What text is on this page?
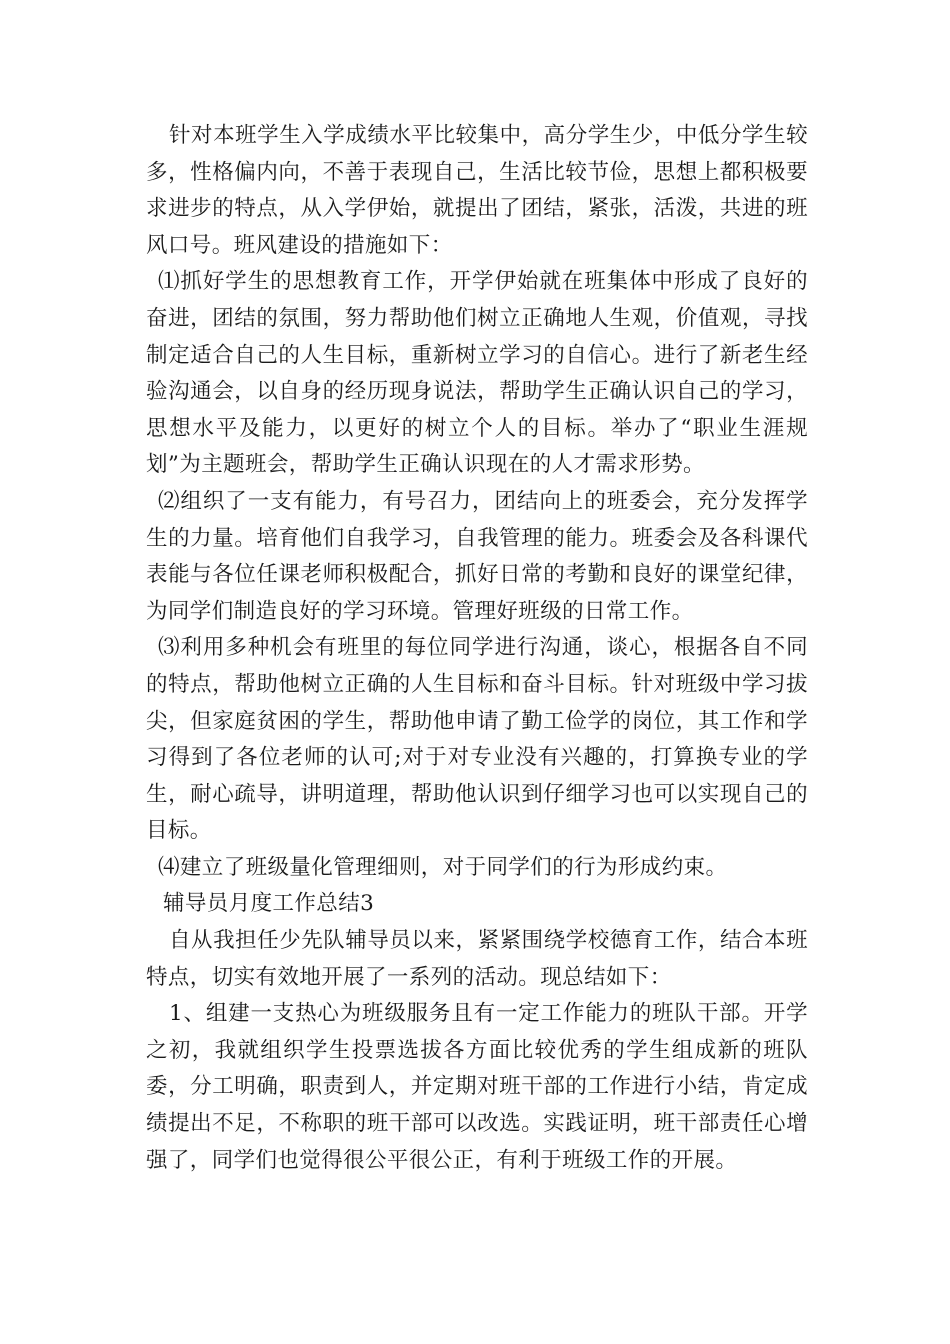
针对本班学生入学成绩水平比较集中，高分学生少，中低分学生较多，性格偏内向，不善于表现自己，生活比较节俭，思想上都积极要求进步的特点，从入学伊始，就提出了团结，紧张，活泼，共进的班风口号。班风建设的措施如下：

⑴抓好学生的思想教育工作，开学伊始就在班集体中形成了良好的奋进，团结的氛围，努力帮助他们树立正确地人生观，价值观，寻找制定适合自己的人生目标，重新树立学习的自信心。进行了新老生经验沟通会，以自身的经历现身说法，帮助学生正确认识自己的学习，思想水平及能力，以更好的树立个人的目标。举办了“职业生涯规划”为主题班会，帮助学生正确认识现在的人才需求形势。

⑵组织了一支有能力，有号召力，团结向上的班委会，充分发挥学生的力量。培育他们自我学习，自我管理的能力。班委会及各科课代表能与各位任课老师积极配合，抓好日常的考勤和良好的课堂纪律，为同学们制造良好的学习环境。管理好班级的日常工作。

⑶利用多种机会有班里的每位同学进行沟通，谈心，根据各自不同的特点，帮助他树立正确的人生目标和奋斗目标。针对班级中学习拔尖，但家庭贫困的学生，帮助他申请了勤工俭学的岗位，其工作和学习得到了各位老师的认可;对于对专业没有兴趣的，打算换专业的学生，耐心疏导，讲明道理，帮助他认识到仔细学习也可以实现自己的目标。

⑷建立了班级量化管理细则，对于同学们的行为形成约束。

辅导员月度工作总结3

自从我担任少先队辅导员以来，紧紧围绕学校德育工作，结合本班特点，切实有效地开展了一系列的活动。现总结如下：

1、组建一支热心为班级服务且有一定工作能力的班队干部。开学之初，我就组织学生投票选拔各方面比较优秀的学生组成新的班队委，分工明确，职责到人，并定期对班干部的工作进行小结，肯定成绩提出不足，不称职的班干部可以改选。实践证明，班干部责任心增强了，同学们也觉得很公平很公正，有利于班级工作的开展。
